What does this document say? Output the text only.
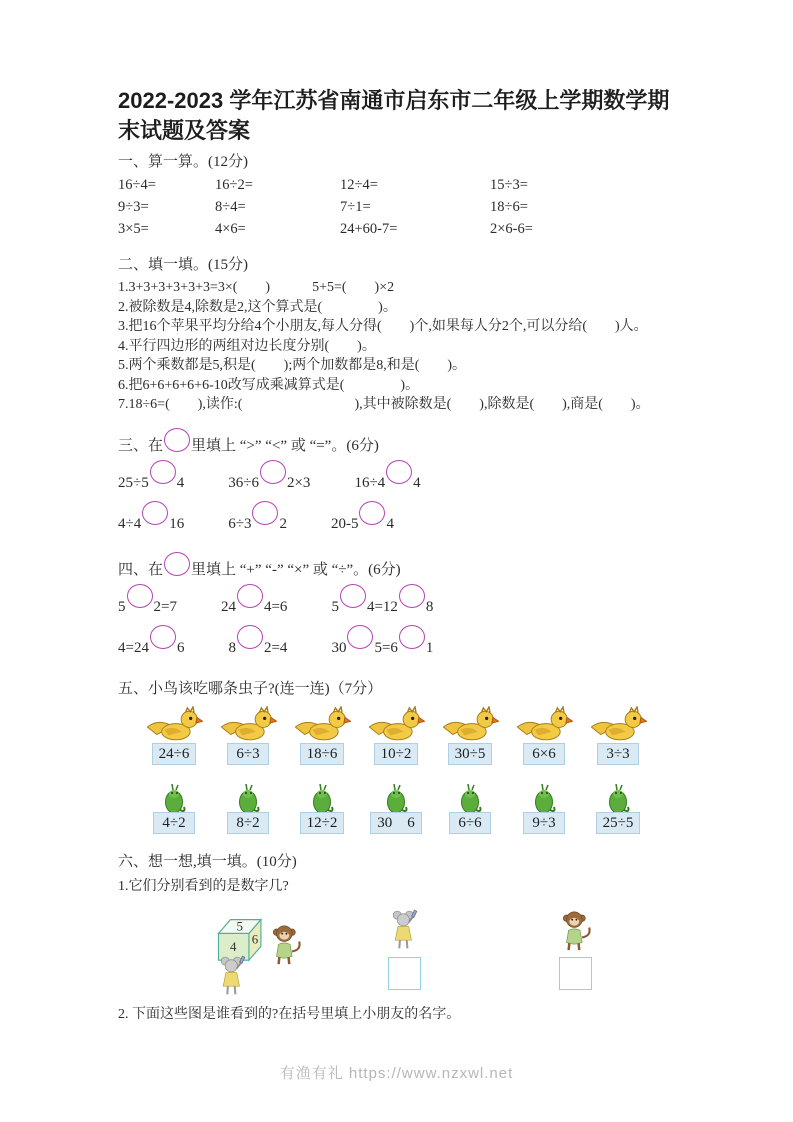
2022-2023 学年江苏省南通市启东市二年级上学期数学期末试题及答案
一、算一算。(12分)
16÷4=	16÷2=	12÷4=	15÷3=
9÷3=	8÷4=	7÷1=	18÷6=
3×5=	4×6=	24+60-7=	2×6-6=
二、填一填。(15分)
1.3+3+3+3+3+3=3×(　　)　　　5+5=(　　)×2
2.被除数是4,除数是2,这个算式是(　　　　)。
3.把16个苹果平均分给4个小朋友,每人分得(　　)个,如果每人分2个,可以分给(　　)人。
4.平行四边形的两组对边长度分别(　　)。
5.两个乘数都是5,积是(　　);两个加数都是8,和是(　　)。
6.把6+6+6+6+6-10改写成乘减算式是(　　　　)。
7.18÷6=(　　),读作:(　　　　　　　　),其中被除数是(　　),除数是(　　),商是(　　)。
三、在 里填上 “>” “<” 或 “=”。(6分)
25÷5 4	36÷6 2×3	16÷4 4
4÷4 16	6÷3 2	20-5 4
四、在 里填上 “+” “-” “×” 或 “÷”。(6分)
5 2=7	24 4=6	5 4=12 8
4=24 6	8 2=4	30 5=6 1
五、小鸟该吃哪条虫子?(连一连)（7分）
24÷6	6÷3	18÷6	10÷2	30÷5	6×6	3÷3
4÷2	8÷2	12÷2	30　6	6÷6	9÷3	25÷5
六、想一想,填一填。(10分)
1.它们分别看到的是数字几?
5
4 6
2. 下面这些图是谁看到的?在括号里填上小朋友的名字。
有渔有礼 https://www.nzxwl.net
